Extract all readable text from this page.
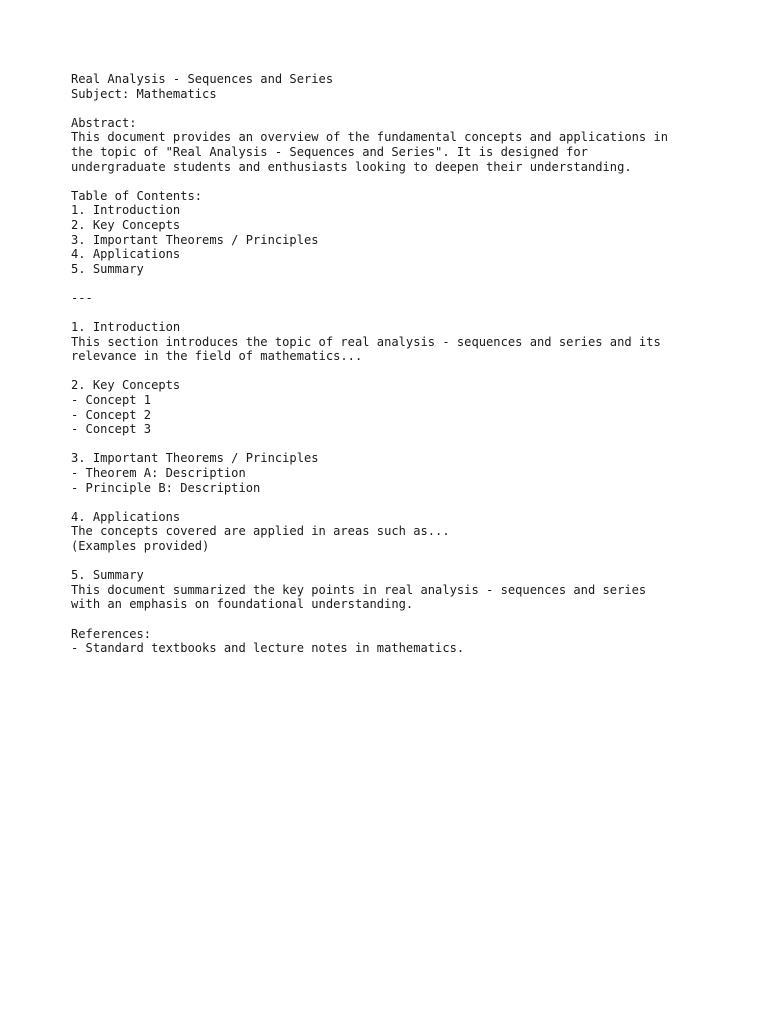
Real Analysis - Sequences and Series
Subject: Mathematics
Abstract:
This document provides an overview of the fundamental concepts and applications in
the topic of "Real Analysis - Sequences and Series". It is designed for
undergraduate students and enthusiasts looking to deepen their understanding.
Table of Contents:
1. Introduction
2. Key Concepts
3. Important Theorems / Principles
4. Applications
5. Summary
---
1. Introduction
This section introduces the topic of real analysis - sequences and series and its
relevance in the field of mathematics...
2. Key Concepts
- Concept 1
- Concept 2
- Concept 3
3. Important Theorems / Principles
- Theorem A: Description
- Principle B: Description
4. Applications
The concepts covered are applied in areas such as...
(Examples provided)
5. Summary
This document summarized the key points in real analysis - sequences and series
with an emphasis on foundational understanding.
References:
- Standard textbooks and lecture notes in mathematics.
